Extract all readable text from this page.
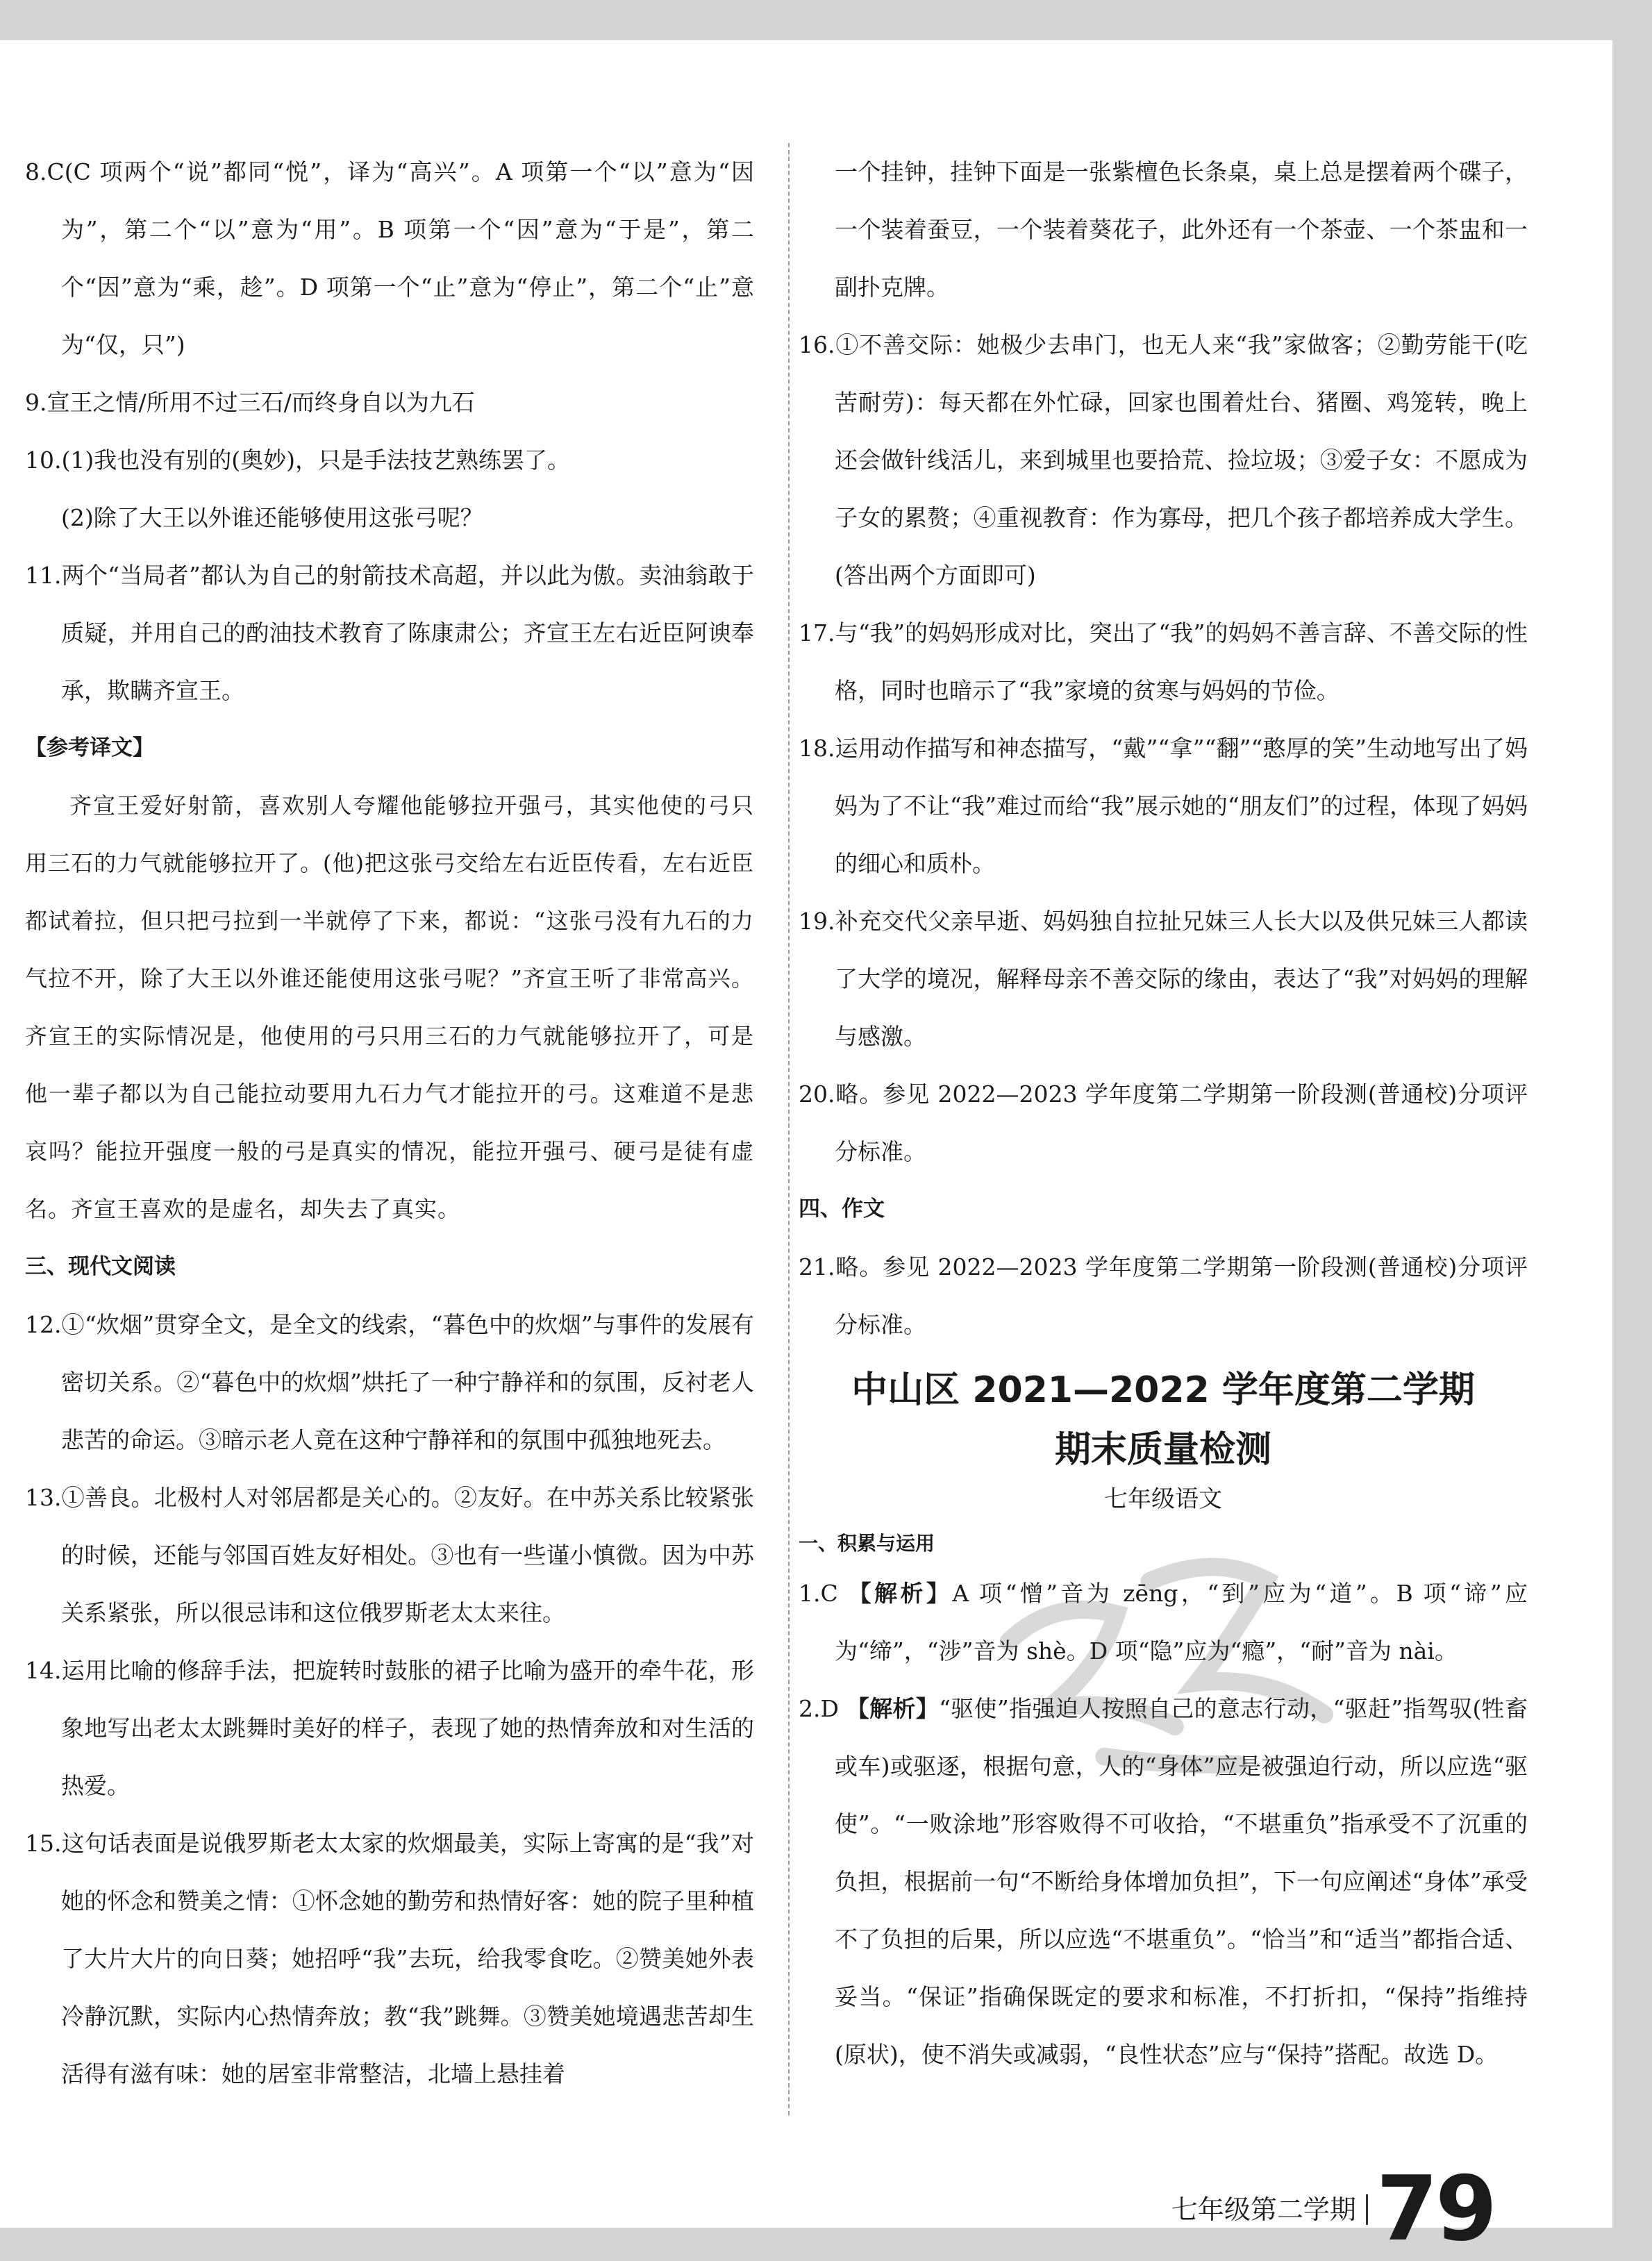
8.C(C 项两个“说”都同“悦”，译为“高兴”。A 项第一个“以”意为“因为”，第二个“以”意为“用”。B 项第一个“因”意为“于是”，第二个“因”意为“乘，趁”。D 项第一个“止”意为“停止”，第二个“止”意为“仅，只”)

9.宣王之情/所用不过三石/而终身自以为九石

10.(1)我也没有别的(奥妙)，只是手法技艺熟练罢了。

(2)除了大王以外谁还能够使用这张弓呢？

11.两个“当局者”都认为自己的射箭技术高超，并以此为傲。卖油翁敢于质疑，并用自己的酌油技术教育了陈康肃公；齐宣王左右近臣阿谀奉承，欺瞒齐宣王。

【参考译文】

齐宣王爱好射箭，喜欢别人夸耀他能够拉开强弓，其实他使的弓只用三石的力气就能够拉开了。(他)把这张弓交给左右近臣传看，左右近臣都试着拉，但只把弓拉到一半就停了下来，都说：“这张弓没有九石的力气拉不开，除了大王以外谁还能使用这张弓呢？”齐宣王听了非常高兴。齐宣王的实际情况是，他使用的弓只用三石的力气就能够拉开了，可是他一辈子都以为自己能拉动要用九石力气才能拉开的弓。这难道不是悲哀吗？能拉开强度一般的弓是真实的情况，能拉开强弓、硬弓是徒有虚名。齐宣王喜欢的是虚名，却失去了真实。

三、现代文阅读

12.①“炊烟”贯穿全文，是全文的线索，“暮色中的炊烟”与事件的发展有密切关系。②“暮色中的炊烟”烘托了一种宁静祥和的氛围，反衬老人悲苦的命运。③暗示老人竟在这种宁静祥和的氛围中孤独地死去。

13.①善良。北极村人对邻居都是关心的。②友好。在中苏关系比较紧张的时候，还能与邻国百姓友好相处。③也有一些谨小慎微。因为中苏关系紧张，所以很忌讳和这位俄罗斯老太太来往。

14.运用比喻的修辞手法，把旋转时鼓胀的裙子比喻为盛开的牵牛花，形象地写出老太太跳舞时美好的样子，表现了她的热情奔放和对生活的热爱。

15.这句话表面是说俄罗斯老太太家的炊烟最美，实际上寄寓的是“我”对她的怀念和赞美之情：①怀念她的勤劳和热情好客：她的院子里种植了大片大片的向日葵；她招呼“我”去玩，给我零食吃。②赞美她外表冷静沉默，实际内心热情奔放；教“我”跳舞。③赞美她境遇悲苦却生活得有滋有味：她的居室非常整洁，北墙上悬挂着

一个挂钟，挂钟下面是一张紫檀色长条桌，桌上总是摆着两个碟子，一个装着蚕豆，一个装着葵花子，此外还有一个茶壶、一个茶盅和一副扑克牌。

16.①不善交际：她极少去串门，也无人来“我”家做客；②勤劳能干(吃苦耐劳)：每天都在外忙碌，回家也围着灶台、猪圈、鸡笼转，晚上还会做针线活儿，来到城里也要拾荒、捡垃圾；③爱子女：不愿成为子女的累赘；④重视教育：作为寡母，把几个孩子都培养成大学生。(答出两个方面即可)

17.与“我”的妈妈形成对比，突出了“我”的妈妈不善言辞、不善交际的性格，同时也暗示了“我”家境的贫寒与妈妈的节俭。

18.运用动作描写和神态描写，“戴”“拿”“翻”“憨厚的笑”生动地写出了妈妈为了不让“我”难过而给“我”展示她的“朋友们”的过程，体现了妈妈的细心和质朴。

19.补充交代父亲早逝、妈妈独自拉扯兄妹三人长大以及供兄妹三人都读了大学的境况，解释母亲不善交际的缘由，表达了“我”对妈妈的理解与感激。

20.略。参见 2022—2023 学年度第二学期第一阶段测(普通校)分项评分标准。

四、作文

21.略。参见 2022—2023 学年度第二学期第一阶段测(普通校)分项评分标准。

中山区 2021—2022 学年度第二学期

期末质量检测

七年级语文

一、积累与运用

1.C 【解析】A 项“憎”音为 zēng，“到”应为“道”。B 项“谛”应为“缔”，“涉”音为 shè。D 项“隐”应为“瘾”，“耐”音为 nài。

2.D 【解析】“驱使”指强迫人按照自己的意志行动，“驱赶”指驾驭(牲畜或车)或驱逐，根据句意，人的“身体”应是被强迫行动，所以应选“驱使”。“一败涂地”形容败得不可收拾，“不堪重负”指承受不了沉重的负担，根据前一句“不断给身体增加负担”，下一句应阐述“身体”承受不了负担的后果，所以应选“不堪重负”。“恰当”和“适当”都指合适、妥当。“保证”指确保既定的要求和标准，不打折扣，“保持”指维持(原状)，使不消失或减弱，“良性状态”应与“保持”搭配。故选 D。

七年级第二学期 79
